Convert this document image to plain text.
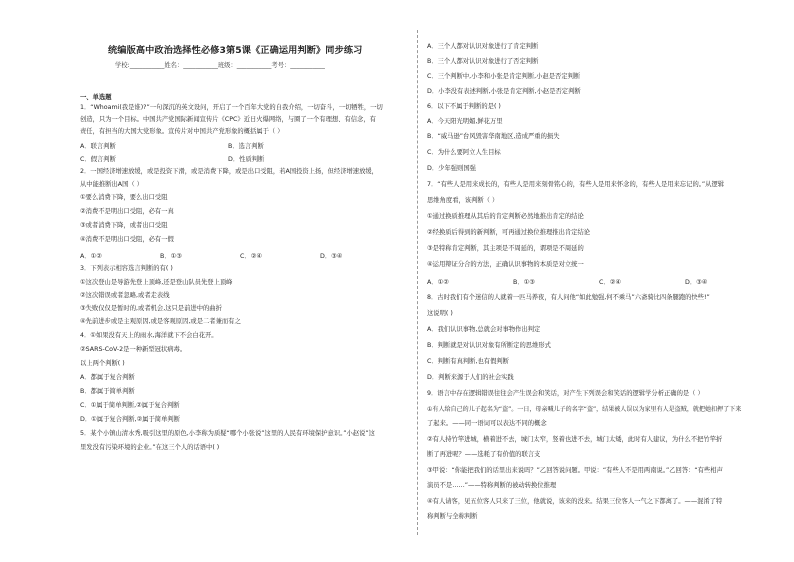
统编版高中政治选择性必修3第5课《正确运用判断》同步练习
学校:___________姓名：___________班级：___________考号：___________
一、单选题
1．“Whoami(我是谁)?”一句深沉的英文设问，开启了一个百年大党的自我介绍，一切奋斗，一切牺牲，一切
创造，只为一个目标。中国共产党国际新闻宣传片《CPC》近日火爆网络，与圈了一个有理想、有信念，有
责任，有担当的大国大党形象。宣传片对中国共产党形象的概括属于（ ）
A．联言判断	B．选言判断
C．假言判断	D．性质判断
2．一国经济增速放缓，或是投资下滑，或是消费下降，或是出口受阻，若A国投资上扬，但经济增速放缓，
从中能推断出A国（ ）
①要么消费下降，要么出口受阻
②消费不是明出口受阻，必有一真
③或者消费下降，或者出口受阻
④消费不是明出口受阻，必有一假
A．①②	B．①③	C．②④	D．③④
3．下列表示相容选言判断的有( )
①这次登山是导游先登上顶峰,还是登山队员先登上顶峰
②这次错误或者忽略,或者走表线
③失败仅仅是暂时的,或者机会,这只是前进中的曲折
④先前进步或是主观原因,或是客观原因,或是二者兼而有之
4．①如果没有天上的雨水,海洋就下不会白花开。
②SARS-CoV-2是一种新型冠状病毒。
以上两个判断( )
A．都属于复合判断
B．都属于简单判断
C．①属于简单判断,②属于复合判断
D．①属于复合判断,②属于简单判断
5．某个小镇山清水秀,吸引这里的原色,小李称为质疑“哪个小张说”这里的人民有环境保护意识。”小赵说”这
里发没有污染环境的企业。”在这三个人的话语中( )
A．三个人都对认识对象进行了肯定判断
B．三个人都对认识对象进行了否定判断
C．三个判断中,小李和小张是肯定判断,小赵是否定判断
D．小李没有表述判断,小张是肯定判断,小赵是否定判断
6．以下不属于判断的是( )
A．今天阳光明媚,鲜花万里
B．“威马逊”台风毁害华南地区,造成严重的损失
C．为什么要阿立人生目标
D．少年强则国强
7．“有些人是用来成长的，有些人是用来刻骨铭心的，有些人是用来怀念的，有些人是用来忘记的。”从逻辑
思维角度看，该判断（ ）
①通过换质推理从其后的肯定判断必然地推出肯定的结论
②经换质后得到的新判断，可再通过换位推理推出肯定结论
③是特称肯定判断，其主项是不周延的，谓项是不周延的
④运用辩证分合的方法，正确认识事物的本质是对立统一
A．①②	B．①③	C．②④	D．③④
8．古时我们有个迷信的人就着一匹马养夜，有人问他“如此勉强,何不乘马”六斋骑比四条腿跑的快些!”
这说明( )
A．我们认识事物,总就会对事物作出判定
B．判断就是对认识对象有所断定的思维形式
C．判断有真判断,也有假判断
D．判断来源于人们的社会实践
9．语言中存在逻辑错误往往会产生误会和笑话，对产生下列误会和笑话的逻辑学分析正确的是（ ）
①有人给自己的儿子起名为“盗”。一日，母亲喊儿子的名字“盗”，结果被人误以为家里有人是盗贼，就把她扣押了下来
了起来。——同一语词可以表达不同的概念
②有人持竹竿进城，横着进不去，城门太窄，竖着也进不去，城门太矮，此时有人建议，为什么不把竹竿折
断了再进呢？——选耗了有价值的联言支
③甲说：“你能把我们的话里出来说吗？”乙回答说问题。甲说：“有些人不是用两南说。”乙回答：“有些相声
演员不是……”——特称判断的被动转换位推理
④有人请客，见五位客人只来了三位，他就说，该来的没来。结果三位客人一气之下都离了。——混淆了特
称判断与全称判断
